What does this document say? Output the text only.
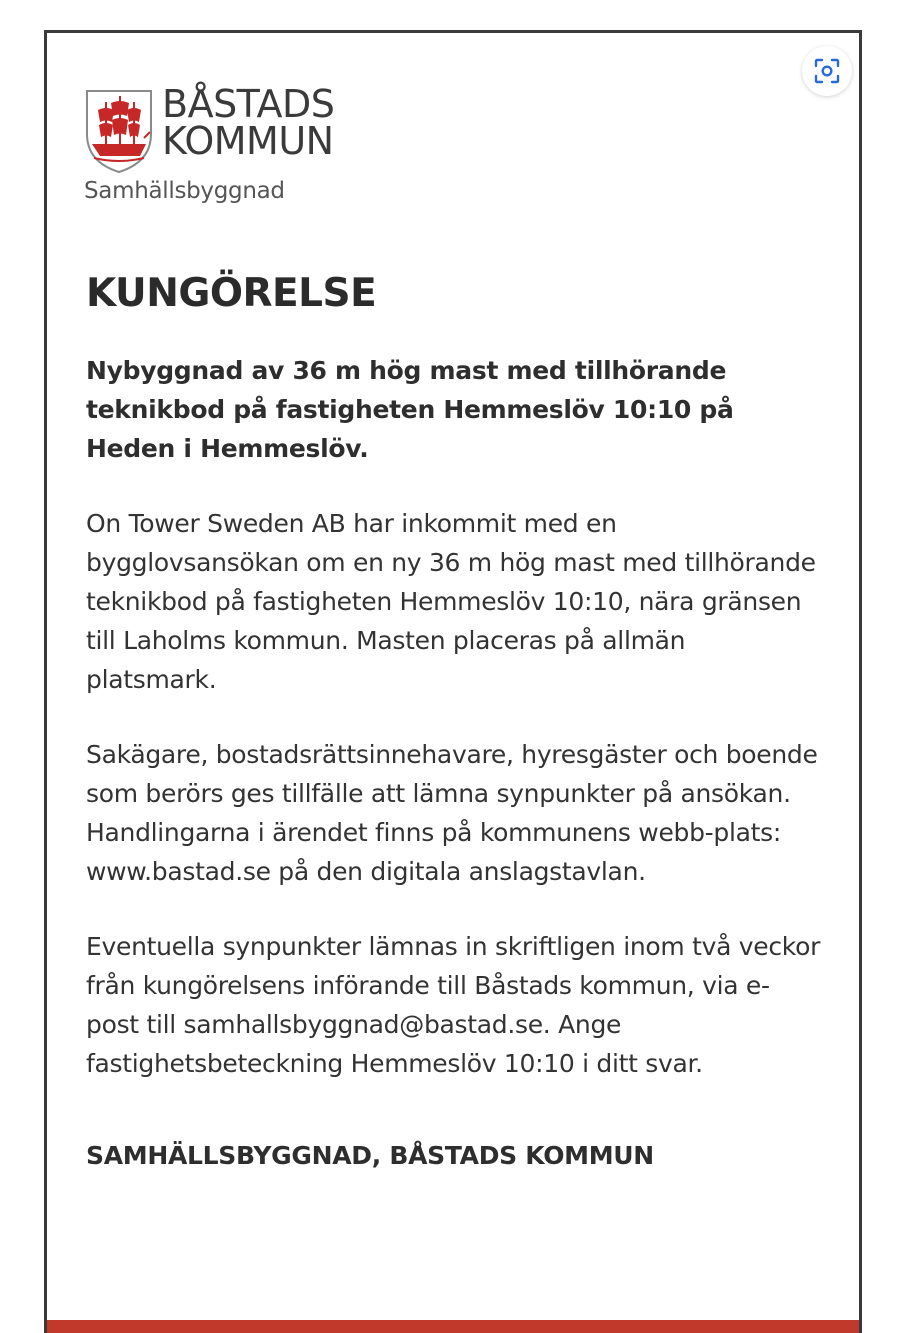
BÅSTADS
KOMMUN
Samhällsbyggnad
KUNGÖRELSE

Nybyggnad av 36 m hög mast med tillhörande teknikbod på fastigheten Hemmeslöv 10:10 på Heden i Hemmeslöv.

On Tower Sweden AB har inkommit med en bygglovsansökan om en ny 36 m hög mast med tillhörande teknikbod på fastigheten Hemmeslöv 10:10, nära gränsen till Laholms kommun. Masten placeras på allmän platsmark.

Sakägare, bostadsrättsinnehavare, hyresgäster och boende som berörs ges tillfälle att lämna synpunkter på ansökan.

Handlingarna i ärendet finns på kommunens webb-plats: www.bastad.se på den digitala anslagstavlan.

Eventuella synpunkter lämnas in skriftligen inom två veckor från kungörelsens införande till Båstads kommun, via e-post till samhallsbyggnad@bastad.se. Ange fastighetsbeteckning Hemmeslöv 10:10 i ditt svar.

SAMHÄLLSBYGGNAD, BÅSTADS KOMMUN
